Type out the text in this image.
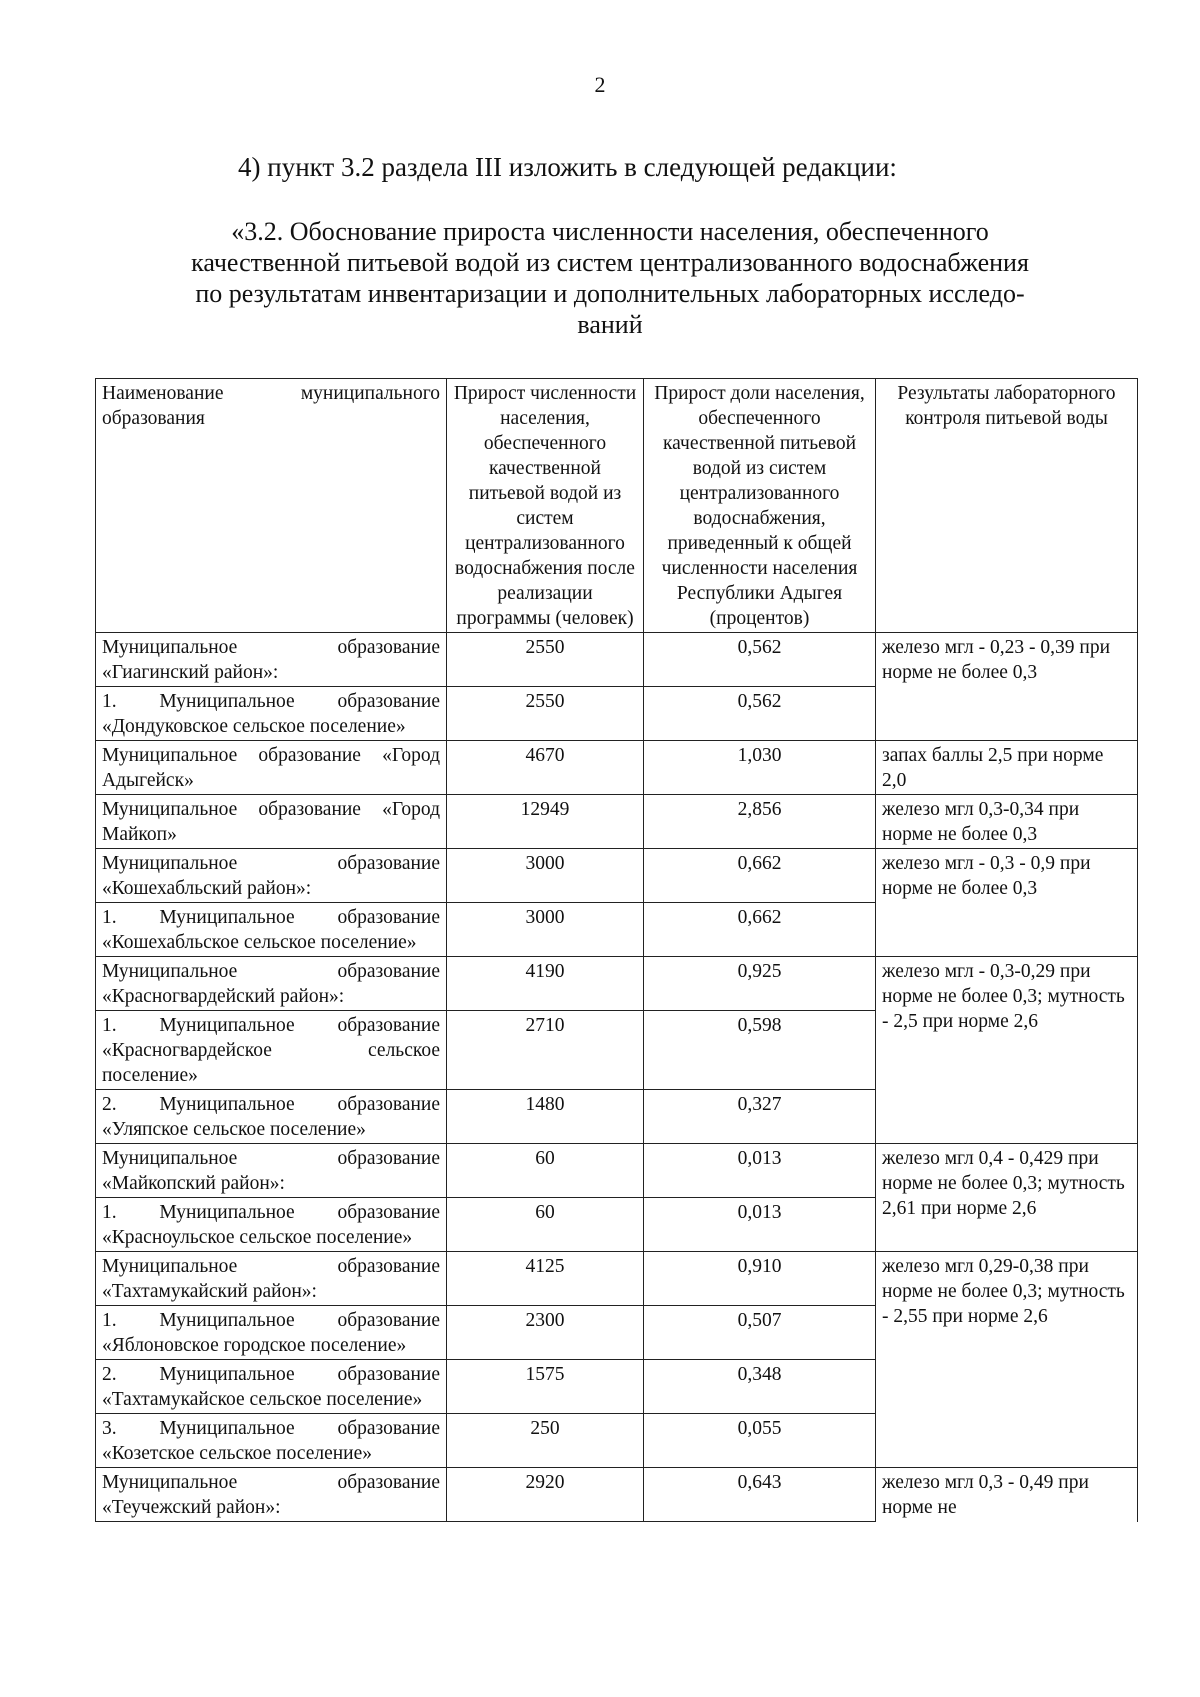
2
4) пункт 3.2 раздела III изложить в следующей редакции:
«3.2. Обоснование прироста численности населения, обеспеченного
качественной питьевой водой из систем централизованного водоснабжения
по результатам инвентаризации и дополнительных лабораторных исследо-
ваний
Наименование муниципального образования	Прирост численности населения, обеспеченного качественной питьевой водой из систем централизованного водоснабжения после реализации программы (человек)	Прирост доли населения, обеспеченного качественной питьевой водой из систем централизованного водоснабжения, приведенный к общей численности населения Республики Адыгея (процентов)	Результаты лабораторного контроля питьевой воды
Муниципальное образование «Гиагинский район»:	2550	0,562	железо мгл - 0,23 - 0,39 при норме не более 0,3
1. Муниципальное образование «Дондуковское сельское поселение»	2550	0,562	
Муниципальное образование «Город Адыгейск»	4670	1,030	запах баллы 2,5 при норме 2,0
Муниципальное образование «Город Майкоп»	12949	2,856	железо мгл 0,3-0,34 при норме не более 0,3
Муниципальное образование «Кошехабльский район»:	3000	0,662	железо мгл - 0,3 - 0,9 при норме не более 0,3
1. Муниципальное образование «Кошехабльское сельское поселение»	3000	0,662	
Муниципальное образование «Красногвардейский район»:	4190	0,925	железо мгл - 0,3-0,29 при норме не более 0,3; мутность - 2,5 при норме 2,6
1. Муниципальное образование «Красногвардейское сельское поселение»	2710	0,598	
2. Муниципальное образование «Уляпское сельское поселение»	1480	0,327	
Муниципальное образование «Майкопский район»:	60	0,013	железо мгл 0,4 - 0,429 при норме не более 0,3; мутность 2,61 при норме 2,6
1. Муниципальное образование «Красноульское сельское поселение»	60	0,013	
Муниципальное образование «Тахтамукайский район»:	4125	0,910	железо мгл 0,29-0,38 при норме не более 0,3; мутность - 2,55 при норме 2,6
1. Муниципальное образование «Яблоновское городское поселение»	2300	0,507	
2. Муниципальное образование «Тахтамукайское сельское поселение»	1575	0,348	
3. Муниципальное образование «Козетское сельское поселение»	250	0,055	
Муниципальное образование «Теучежский район»:	2920	0,643	железо мгл 0,3 - 0,49 при норме не
